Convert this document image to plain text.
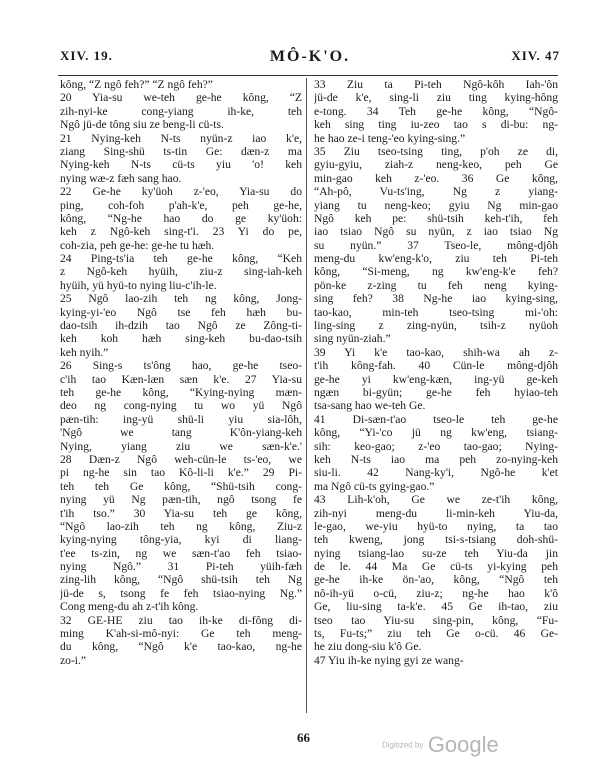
XIV. 19.	MÔ-K'O.	XIV. 47
kông, “Z ngô feh?” “Z ngô feh?”
20 Yia-su we-teh ge-he kông, “Z
zih-nyi-ke cong-yiang ih-ke, teh
Ngô jü-de tông siu ze beng-li cü-ts.
21 Nying-keh N-ts nyün-z iao k'e,
ziang Sing-shü ts-tin Ge: dæn-z ma
Nying-keh N-ts cü-ts yiu 'o! keh
nying wæ-z fæh sang hao.
22 Ge-he ky'üoh z-'eo, Yia-su do
ping, coh-foh p'ah-k'e, peh ge-he,
kông, “Ng-he hao do ge ky'üoh:
keh z Ngô-keh sing-t'i. 23 Yi do pe,
coh-zia, peh ge-he: ge-he tu hæh.
24 Ping-ts'ia teh ge-he kông, “Keh
z Ngô-keh hyüih, ziu-z sing-iah-keh
hyüih, yü hyü-to nying liu-c'ih-le.
25 Ngô lao-zih teh ng kông, Jong-
kying-yi-'eo Ngô tse feh hæh bu-
dao-tsih ih-dzih tao Ngô ze Zông-ti-
keh koh hæh sing-keh bu-dao-tsih
keh nyih.”
26 Sing-s ts'ông hao, ge-he tseo-
c'ih tao Kæn-læn sæn k'e. 27 Yia-su
teh ge-he kông, “Kying-nying mæn-
deo ng cong-nying tu wo yü Ngô
pæn-tih: ing-yü shü-li yiu sia-lôh,
'Ngô we tang K'ôn-yiang-keh
Nying, yiang ziu we sæn-k'e.'
28 Dæn-z Ngô weh-cün-le ts-'eo, we
pi ng-he sin tao Kô-li-li k'e.” 29 Pi-
teh teh Ge kông, “Shü-tsih cong-
nying yü Ng pæn-tih, ngô tsong fe
t'ih tso.” 30 Yia-su teh ge kông,
“Ngô lao-zih teh ng kông, Ziu-z
kying-nying tông-yia, kyi di liang-
t'ee ts-zin, ng we sæn-t'ao feh tsiao-
nying Ngô.” 31 Pi-teh yüih-fæh
zing-lih kông, “Ngô shü-tsih teh Ng
jü-de s, tsong fe feh tsiao-nying Ng.”
Cong meng-du ah z-t'ih kông.
32 GE-HE ziu tao ih-ke di-fông di-
ming K'ah-si-mô-nyi: Ge teh meng-
du kông, “Ngô k'e tao-kao, ng-he
zo-i.”
33 Ziu ta Pi-teh Ngô-kôh Iah-'ôn
jü-de k'e, sing-li ziu ting kying-hông
e-tong. 34 Teh ge-he kông, “Ngô-
keh sing ting iu-zeo tao s di-bu: ng-
he hao ze-i teng-'eo kying-sing.”
35 Ziu tseo-tsing ting, p'oh ze di,
gyiu-gyiu, ziah-z neng-keo, peh Ge
min-gao keh z-'eo. 36 Ge kông,
“Ah-pô, Vu-ts'ing, Ng z yiang-
yiang tu neng-keo; gyiu Ng min-gao
Ngô keh pe: shü-tsih keh-t'ih, feh
iao tsiao Ngô su nyün, z iao tsiao Ng
su nyün.” 37 Tseo-le, mông-djôh
meng-du kw'eng-k'o, ziu teh Pi-teh
kông, “Si-meng, ng kw'eng-k'e feh?
pön-ke z-zing tu feh neng kying-
sing feh? 38 Ng-he iao kying-sing,
tao-kao, min-teh tseo-tsing mi-'oh:
ling-sing z zing-nyün, tsih-z nyüoh
sing nyün-ziah.”
39 Yi k'e tao-kao, shih-wa ah z-
t'ih kông-fah. 40 Cün-le mông-djôh
ge-he yi kw'eng-kæn, ing-yü ge-keh
ngæn bi-gyün; ge-he feh hyiao-teh
tsa-sang hao we-teh Ge.
41 Di-sæn-t'ao tseo-le teh ge-he
kông, “Yi-'co jü ng kw'eng, tsiang-
sih: keo-gao; z-'eo tao-gao; Nying-
keh N-ts iao ma peh zo-nying-keh
siu-li. 42 Nang-ky'i, Ngô-he k'et
ma Ngô cü-ts gying-gao.”
43 Lih-k'oh, Ge we ze-t'ih kông,
zih-nyi meng-du li-min-keh Yiu-da,
le-gao, we-yiu hyü-to nying, ta tao
teh kweng, jong tsi-s-tsiang doh-shü-
nying tsiang-lao su-ze teh Yiu-da jin
de le. 44 Ma Ge cü-ts yi-kying peh
ge-he ih-ke ön-'ao, kông, “Ngô teh
nô-ih-yü o-cü, ziu-z; ng-he hao k'ô
Ge, liu-sing ta-k'e. 45 Ge ih-tao, ziu
tseo tao Yiu-su sing-pin, kông, “Fu-
ts, Fu-ts;” ziu teh Ge o-cü. 46 Ge-
he ziu dong-siu k'ô Ge.
47 Yiu ih-ke nying gyi ze wang-
66	Digitized by Google
